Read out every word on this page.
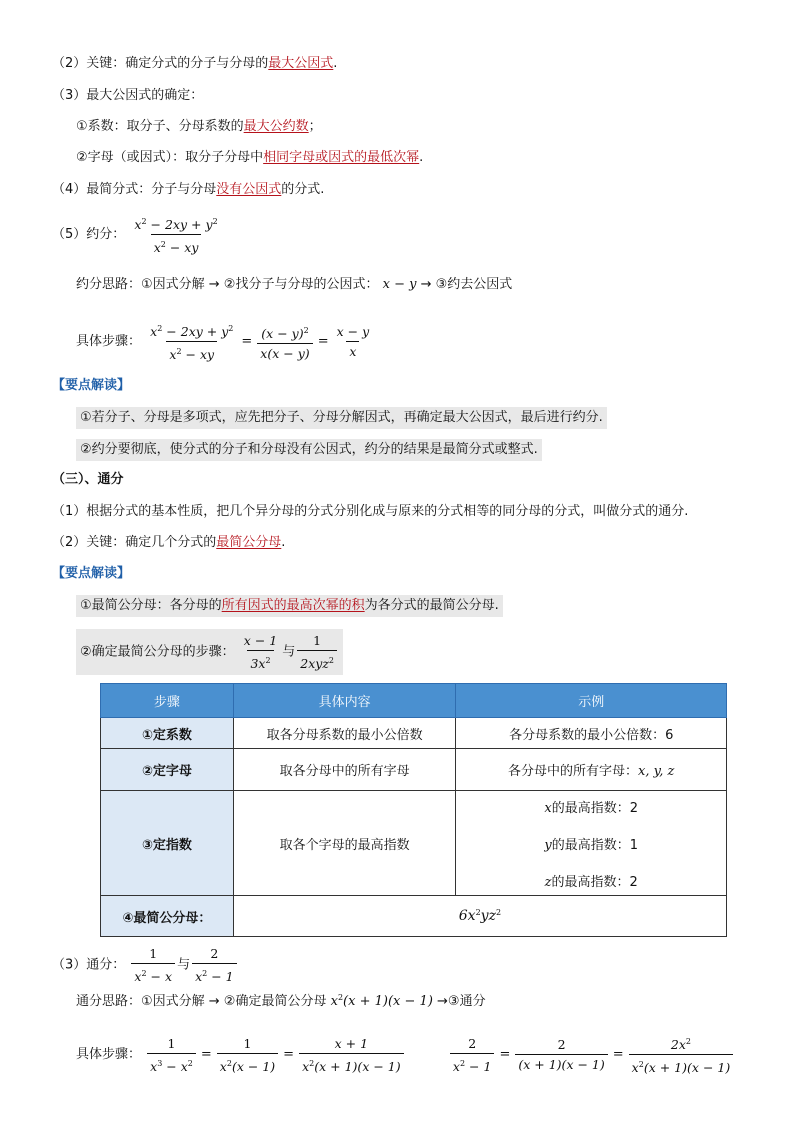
（2）关键：确定分式的分子与分母的最大公因式.
（3）最大公因式的确定：
①系数：取分子、分母系数的最大公约数；
②字母（或因式）：取分子分母中相同字母或因式的最低次幂.
（4）最简分式：分子与分母没有公因式的分式.
（5）约分： $\frac{x^2 - 2xy + y^2}{x^2 - xy}$
约分思路：①因式分解 → ②找分子与分母的公因式： x − y → ③约去公因式
具体步骤： $\frac{x^2 - 2xy + y^2}{x^2 - xy} = \frac{(x - y)^2}{x(x - y)} = \frac{x - y}{x}$
【要点解读】
①若分子、分母是多项式，应先把分子、分母分解因式，再确定最大公因式，最后进行约分.
②约分要彻底，使分式的分子和分母没有公因式，约分的结果是最简分式或整式.
（三）、通分
（1）根据分式的基本性质，把几个异分母的分式分别化成与原来的分式相等的同分母的分式，叫做分式的通分.
（2）关键：确定几个分式的最简公分母.
【要点解读】
①最简公分母：各分母的所有因式的最高次幂的积为各分式的最简公分母.
②确定最简公分母的步骤： $\frac{x - 1}{3x^2}$ 与 $\frac{1}{2xyz^2}$
步骤	具体内容	示例
①定系数	取各分母系数的最小公倍数	各分母系数的最小公倍数：6
②定字母	取各分母中的所有字母	各分母中的所有字母：x, y, z
③定指数	取各个字母的最高指数	x的最高指数：2
y的最高指数：1
z的最高指数：2

④最简公分母：	$6x^2yz^2$
（3）通分： $\frac{1}{x^2 - x}$ 与 $\frac{2}{x^2 - 1}$
通分思路：①因式分解 → ②确定最简公分母 $x^2(x + 1)(x - 1)$ →③通分
具体步骤： $\frac{1}{x^3 - x^2} = \frac{1}{x^2(x - 1)} = \frac{x + 1}{x^2(x + 1)(x - 1)}$
	$\frac{2}{x^2 - 1} = \frac{2}{(x + 1)(x - 1)} = \frac{2x^2}{x^2(x + 1)(x - 1)}$
